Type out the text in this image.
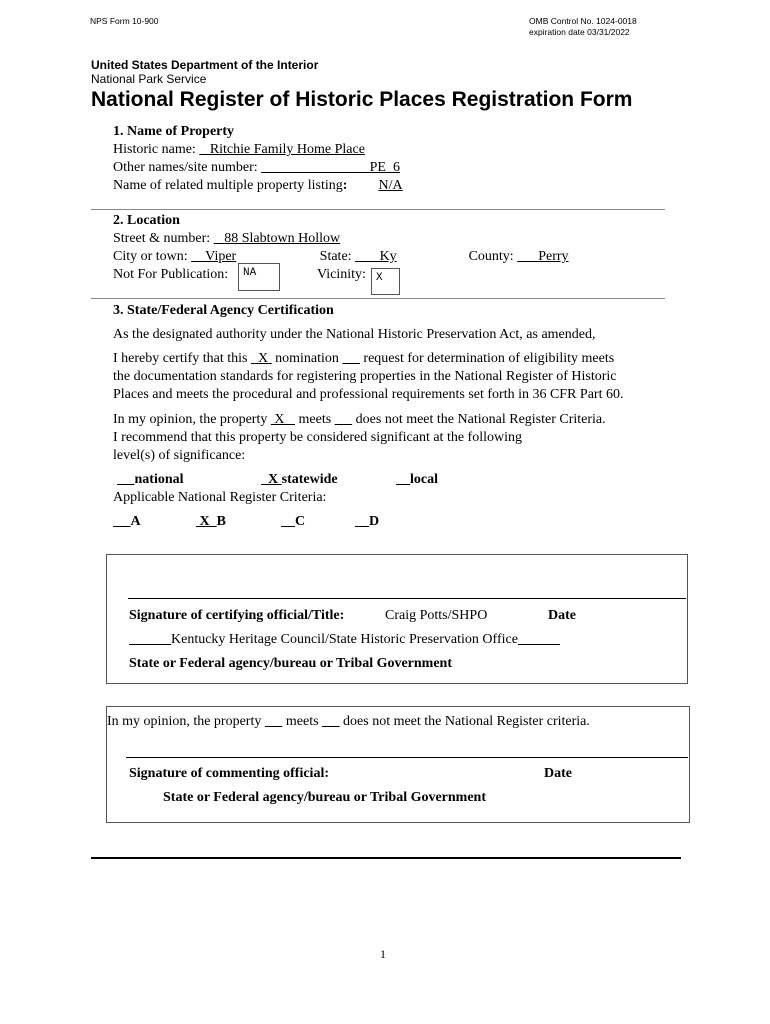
NPS Form 10-900	OMB Control No. 1024-0018
expiration date 03/31/2022
United States Department of the Interior
National Park Service
National Register of Historic Places Registration Form
1. Name of Property
Historic name: Ritchie Family Home Place
Other names/site number:	PE_6
Name of related multiple property listing: N/A
2. Location
Street & number: 88 Slabtown Hollow
City or town: Viper	State: Ky	County: Perry
Not For Publication:	NA	Vicinity: X
3. State/Federal Agency Certification
As the designated authority under the National Historic Preservation Act, as amended,
I hereby certify that this X nomination request for determination of eligibility meets
the documentation standards for registering properties in the National Register of Historic
Places and meets the procedural and professional requirements set forth in 36 CFR Part 60.
In my opinion, the property X meets does not meet the National Register Criteria.
I recommend that this property be considered significant at the following
level(s) of significance:
national	X statewide	local
Applicable National Register Criteria:
A	X B	C	D
Signature of certifying official/Title:	Craig Potts/SHPO	Date
Kentucky Heritage Council/State Historic Preservation Office
State or Federal agency/bureau or Tribal Government
In my opinion, the property meets does not meet the National Register criteria.
Signature of commenting official:	Date
State or Federal agency/bureau or Tribal Government
1
